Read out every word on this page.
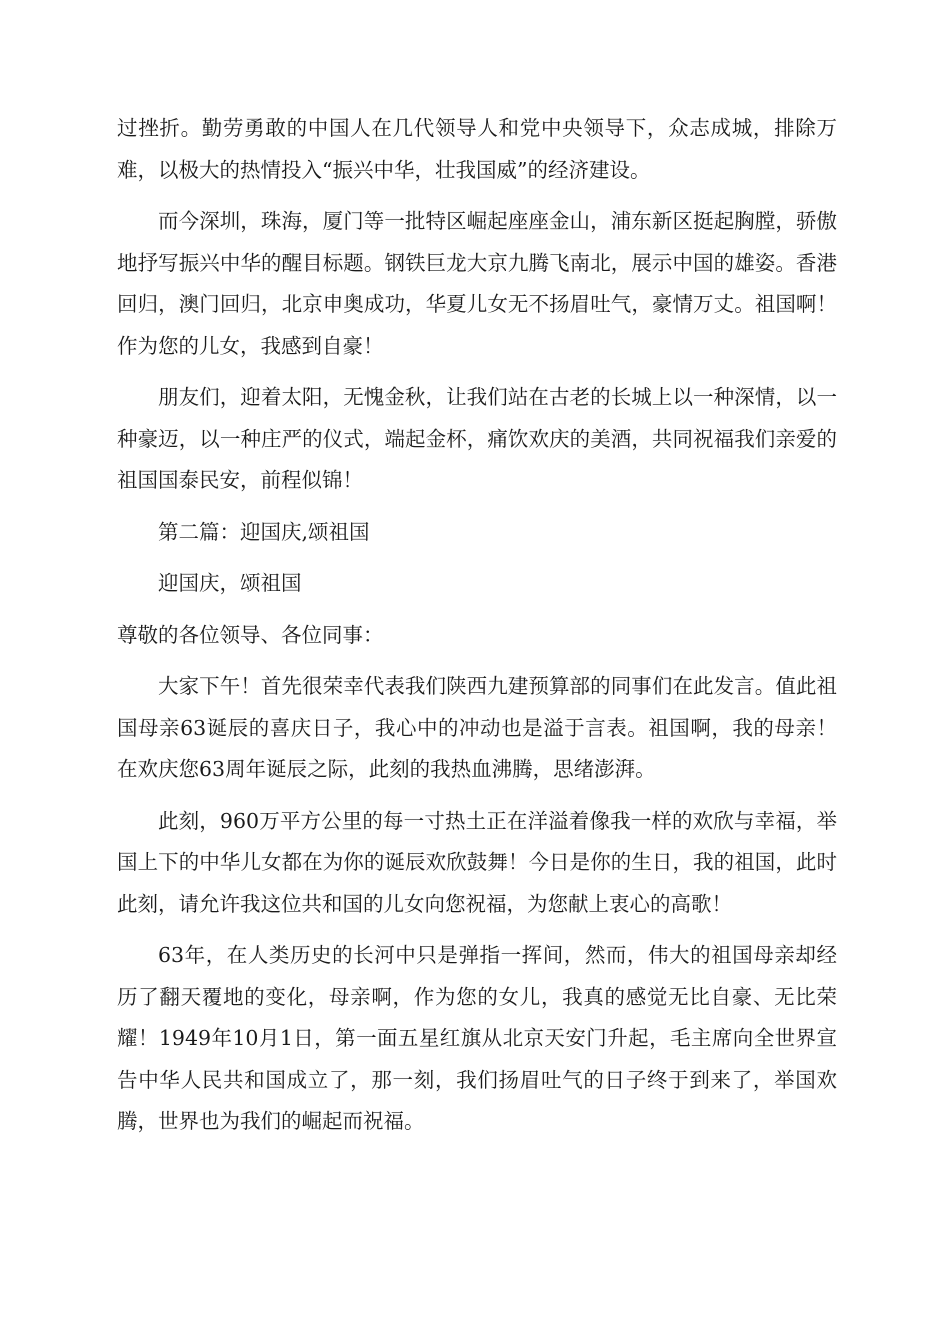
过挫折。勤劳勇敢的中国人在几代领导人和党中央领导下，众志成城，排除万难，以极大的热情投入“振兴中华，壮我国威”的经济建设。

而今深圳，珠海，厦门等一批特区崛起座座金山，浦东新区挺起胸膛，骄傲地抒写振兴中华的醒目标题。钢铁巨龙大京九腾飞南北，展示中国的雄姿。香港回归，澳门回归，北京申奥成功，华夏儿女无不扬眉吐气，豪情万丈。祖国啊！作为您的儿女，我感到自豪！

朋友们，迎着太阳，无愧金秋，让我们站在古老的长城上以一种深情，以一种豪迈，以一种庄严的仪式，端起金杯，痛饮欢庆的美酒，共同祝福我们亲爱的祖国国泰民安，前程似锦！

第二篇：迎国庆,颂祖国

迎国庆，颂祖国

尊敬的各位领导、各位同事：

大家下午！首先很荣幸代表我们陕西九建预算部的同事们在此发言。值此祖国母亲63诞辰的喜庆日子，我心中的冲动也是溢于言表。祖国啊，我的母亲！在欢庆您63周年诞辰之际，此刻的我热血沸腾，思绪澎湃。

此刻，960万平方公里的每一寸热土正在洋溢着像我一样的欢欣与幸福，举国上下的中华儿女都在为你的诞辰欢欣鼓舞！今日是你的生日，我的祖国，此时此刻，请允许我这位共和国的儿女向您祝福，为您献上衷心的高歌！

63年，在人类历史的长河中只是弹指一挥间，然而，伟大的祖国母亲却经历了翻天覆地的变化，母亲啊，作为您的女儿，我真的感觉无比自豪、无比荣耀！1949年10月1日，第一面五星红旗从北京天安门升起，毛主席向全世界宣告中华人民共和国成立了，那一刻，我们扬眉吐气的日子终于到来了，举国欢腾，世界也为我们的崛起而祝福。
